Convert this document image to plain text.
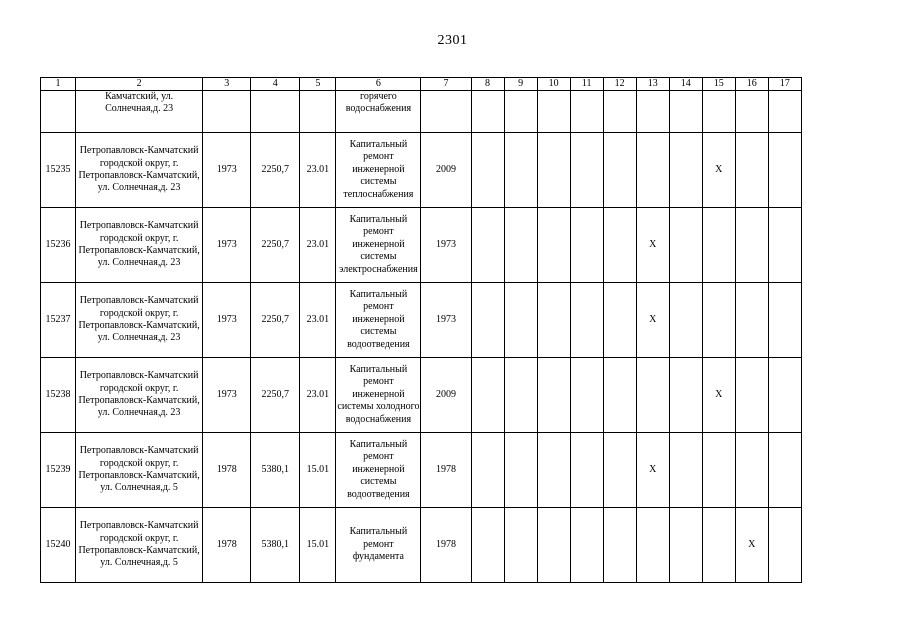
2301
1	2	3	4	5	6	7	8	9	10	11	12	13	14	15	16	17
	Камчатский, ул. Солнечная,д. 23				горячего водоснабжения											
15235	Петропавловск-Камчатский городской округ, г. Петропавловск-Камчатский, ул. Солнечная,д. 23	1973	2250,7	23.01	Капитальный ремонт инженерной системы теплоснабжения	2009								X		
15236	Петропавловск-Камчатский городской округ, г. Петропавловск-Камчатский, ул. Солнечная,д. 23	1973	2250,7	23.01	Капитальный ремонт инженерной системы электроснабжения	1973						X				
15237	Петропавловск-Камчатский городской округ, г. Петропавловск-Камчатский, ул. Солнечная,д. 23	1973	2250,7	23.01	Капитальный ремонт инженерной системы водоотведения	1973						X				
15238	Петропавловск-Камчатский городской округ, г. Петропавловск-Камчатский, ул. Солнечная,д. 23	1973	2250,7	23.01	Капитальный ремонт инженерной системы холодного водоснабжения	2009								X		
15239	Петропавловск-Камчатский городской округ, г. Петропавловск-Камчатский, ул. Солнечная,д. 5	1978	5380,1	15.01	Капитальный ремонт инженерной системы водоотведения	1978						X				
15240	Петропавловск-Камчатский городской округ, г. Петропавловск-Камчатский, ул. Солнечная,д. 5	1978	5380,1	15.01	Капитальный ремонт фундамента	1978									X	
